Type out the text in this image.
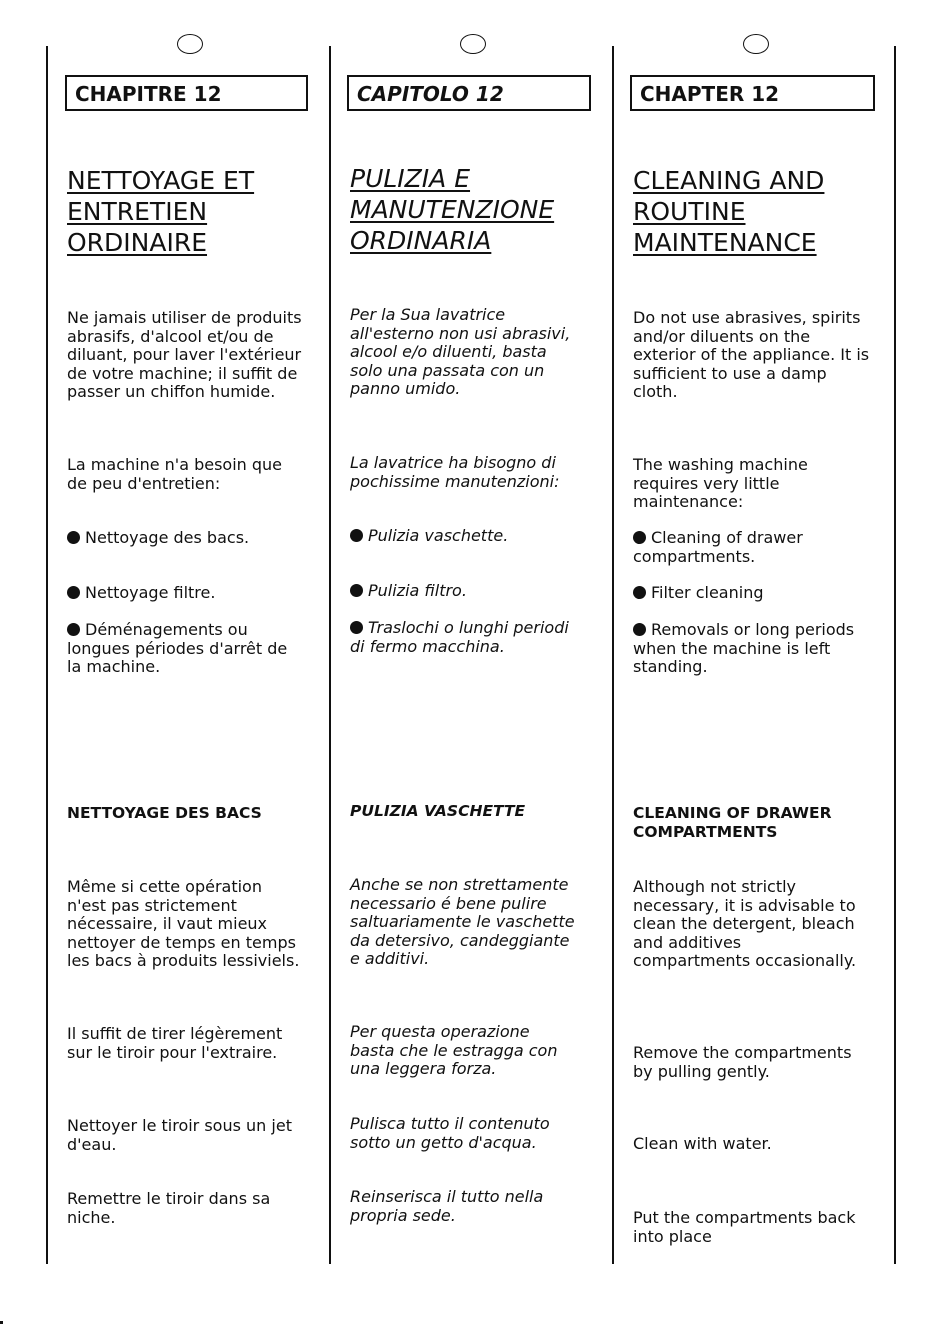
CHAPITRE 12	CAPITOLO 12	CHAPTER 12

NETTOYAGE ET
ENTRETIEN
ORDINAIRE

Ne jamais utiliser de produits
abrasifs, d'alcool et/ou de
diluant, pour laver l'extérieur
de votre machine; il suffit de
passer un chiffon humide.

La machine n'a besoin que
de peu d'entretien:

Nettoyage des bacs.

Nettoyage filtre.

Déménagements ou
longues périodes d'arrêt de
la machine.

NETTOYAGE DES BACS

Même si cette opération
n'est pas strictement
nécessaire, il vaut mieux
nettoyer de temps en temps
les bacs à produits lessiviels.

Il suffit de tirer légèrement
sur le tiroir pour l'extraire.

Nettoyer le tiroir sous un jet
d'eau.

Remettre le tiroir dans sa
niche.

PULIZIA E
MANUTENZIONE
ORDINARIA

Per la Sua lavatrice
all'esterno non usi abrasivi,
alcool e/o diluenti, basta
solo una passata con un
panno umido.

La lavatrice ha bisogno di
pochissime manutenzioni:

Pulizia vaschette.

Pulizia filtro.

Traslochi o lunghi periodi
di fermo macchina.

PULIZIA VASCHETTE

Anche se non strettamente
necessario é bene pulire
saltuariamente le vaschette
da detersivo, candeggiante
e additivi.

Per questa operazione
basta che le estragga con
una leggera forza.

Pulisca tutto il contenuto
sotto un getto d'acqua.

Reinserisca il tutto nella
propria sede.

CLEANING AND
ROUTINE
MAINTENANCE

Do not use abrasives, spirits
and/or diluents on the
exterior of the appliance. It is
sufficient to use a damp
cloth.

The washing machine
requires very little
maintenance:

Cleaning of drawer
compartments.

Filter cleaning

Removals or long periods
when the machine is left
standing.

CLEANING OF DRAWER
COMPARTMENTS

Although not strictly
necessary, it is advisable to
clean the detergent, bleach
and additives
compartments occasionally.

Remove the compartments
by pulling gently.

Clean with water.

Put the compartments back
into place
